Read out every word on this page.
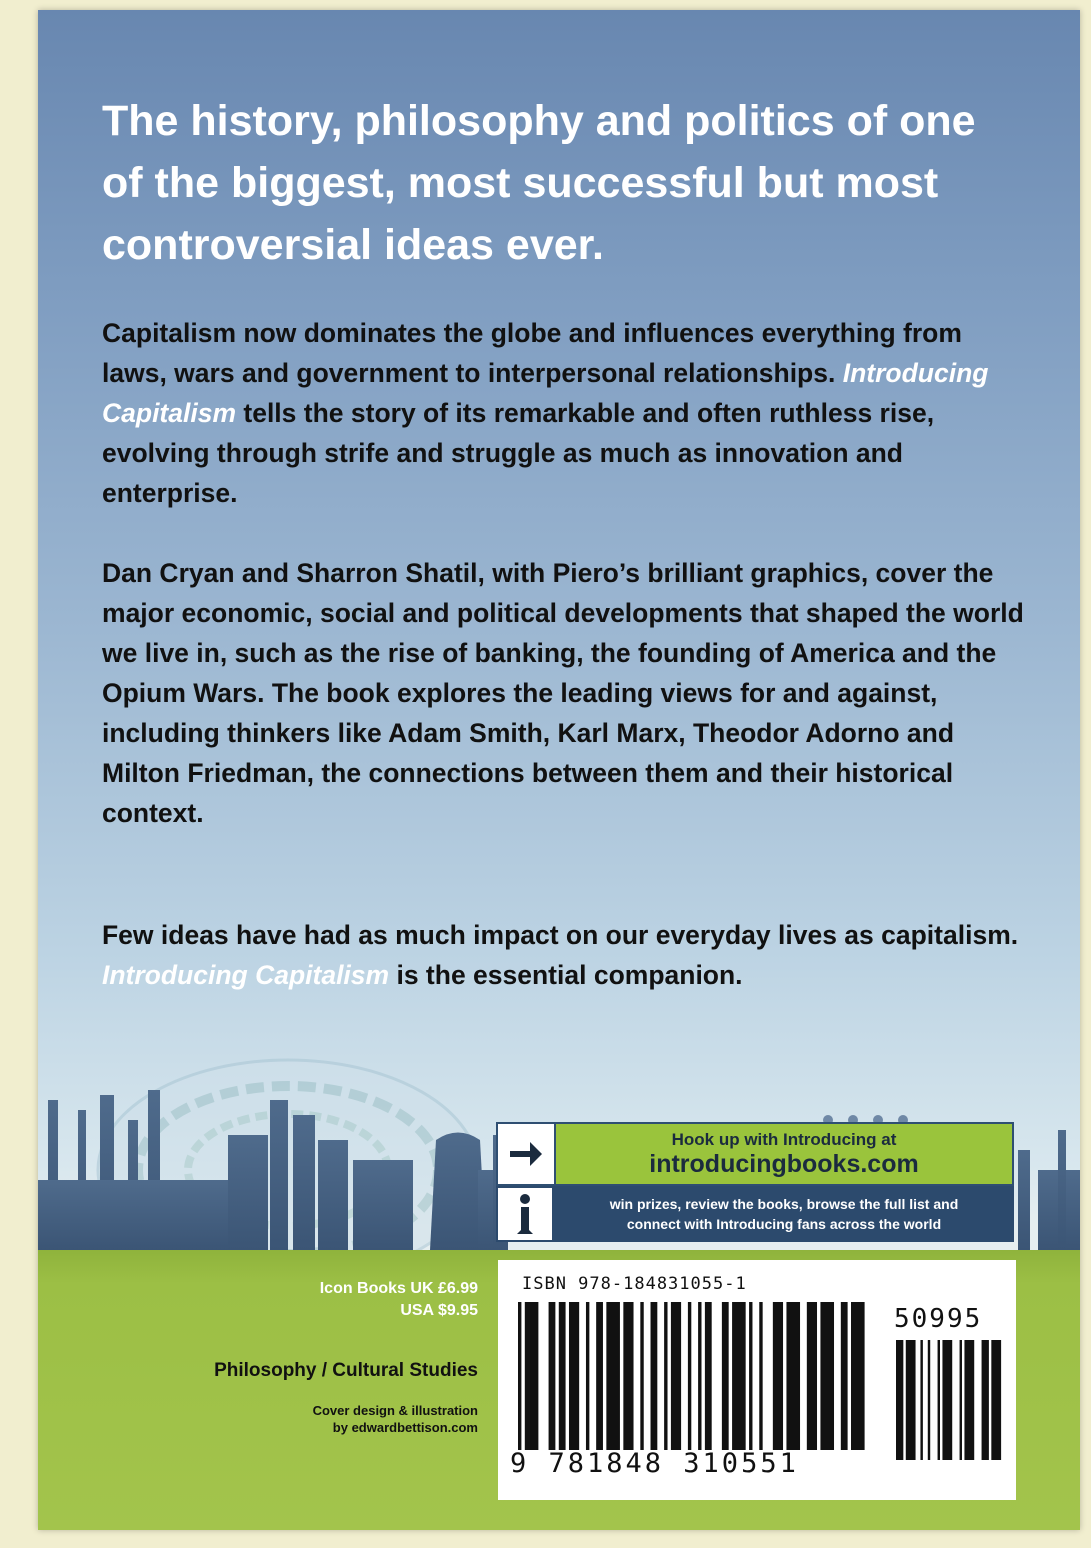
The history, philosophy and politics of one of the biggest, most successful but most controversial ideas ever.

Capitalism now dominates the globe and influences everything from laws, wars and government to interpersonal relationships. Introducing Capitalism tells the story of its remarkable and often ruthless rise, evolving through strife and struggle as much as innovation and enterprise.

Dan Cryan and Sharron Shatil, with Piero’s brilliant graphics, cover the major economic, social and political developments that shaped the world we live in, such as the rise of banking, the founding of America and the Opium Wars. The book explores the leading views for and against, including thinkers like Adam Smith, Karl Marx, Theodor Adorno and Milton Friedman, the connections between them and their historical context.

Few ideas have had as much impact on our everyday lives as capitalism. Introducing Capitalism is the essential companion.

Hook up with Introducing at
introducingbooks.com
win prizes, review the books, browse the full list and
connect with Introducing fans across the world
Icon Books UK £6.99
USA $9.95
Philosophy / Cultural Studies
Cover design & illustration
by edwardbettison.com
ISBN 978-184831055-1
50995
9 781848 310551
